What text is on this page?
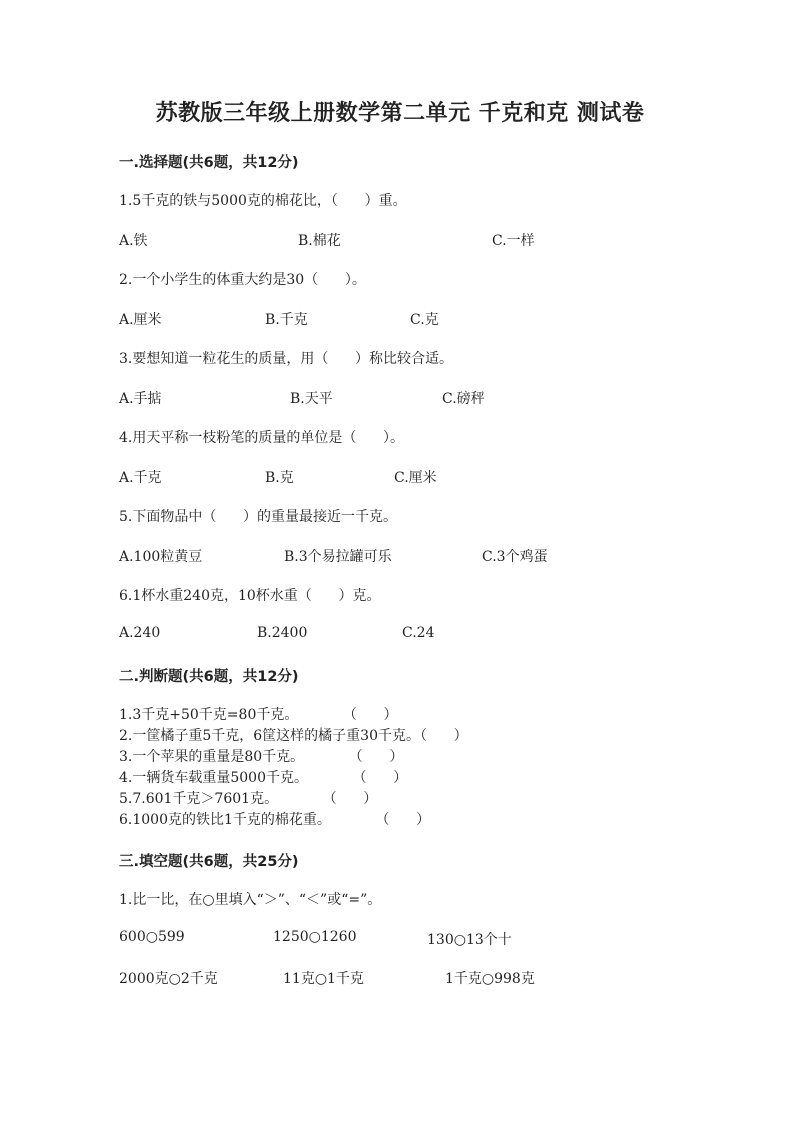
苏教版三年级上册数学第二单元 千克和克 测试卷
一.选择题(共6题，共12分)
1.5千克的铁与5000克的棉花比，（      ）重。
A.铁	B.棉花	C.一样
2.一个小学生的体重大约是30（      ）。
A.厘米	B.千克	C.克
3.要想知道一粒花生的质量，用（      ）称比较合适。
A.手掂	B.天平	C.磅秤
4.用天平称一枝粉笔的质量的单位是（      ）。
A.千克	B.克	C.厘米
5.下面物品中（      ）的重量最接近一千克。
A.100粒黄豆	B.3个易拉罐可乐	C.3个鸡蛋
6.1杯水重240克，10杯水重（      ）克。
A.240	B.2400	C.24
二.判断题(共6题，共12分)
1.3千克+50千克=80千克。          （      ）
2.一筐橘子重5千克，6筐这样的橘子重30千克。（      ）
3.一个苹果的重量是80千克。          （      ）
4.一辆货车载重量5000千克。          （      ）
5.7.601千克＞7601克。          （      ）
6.1000克的铁比1千克的棉花重。          （      ）
三.填空题(共6题，共25分)
1.比一比，在○里填入“＞”、“＜”或“=”。
600○599	1250○1260	130○13个十
2000克○2千克	11克○1千克	1千克○998克
